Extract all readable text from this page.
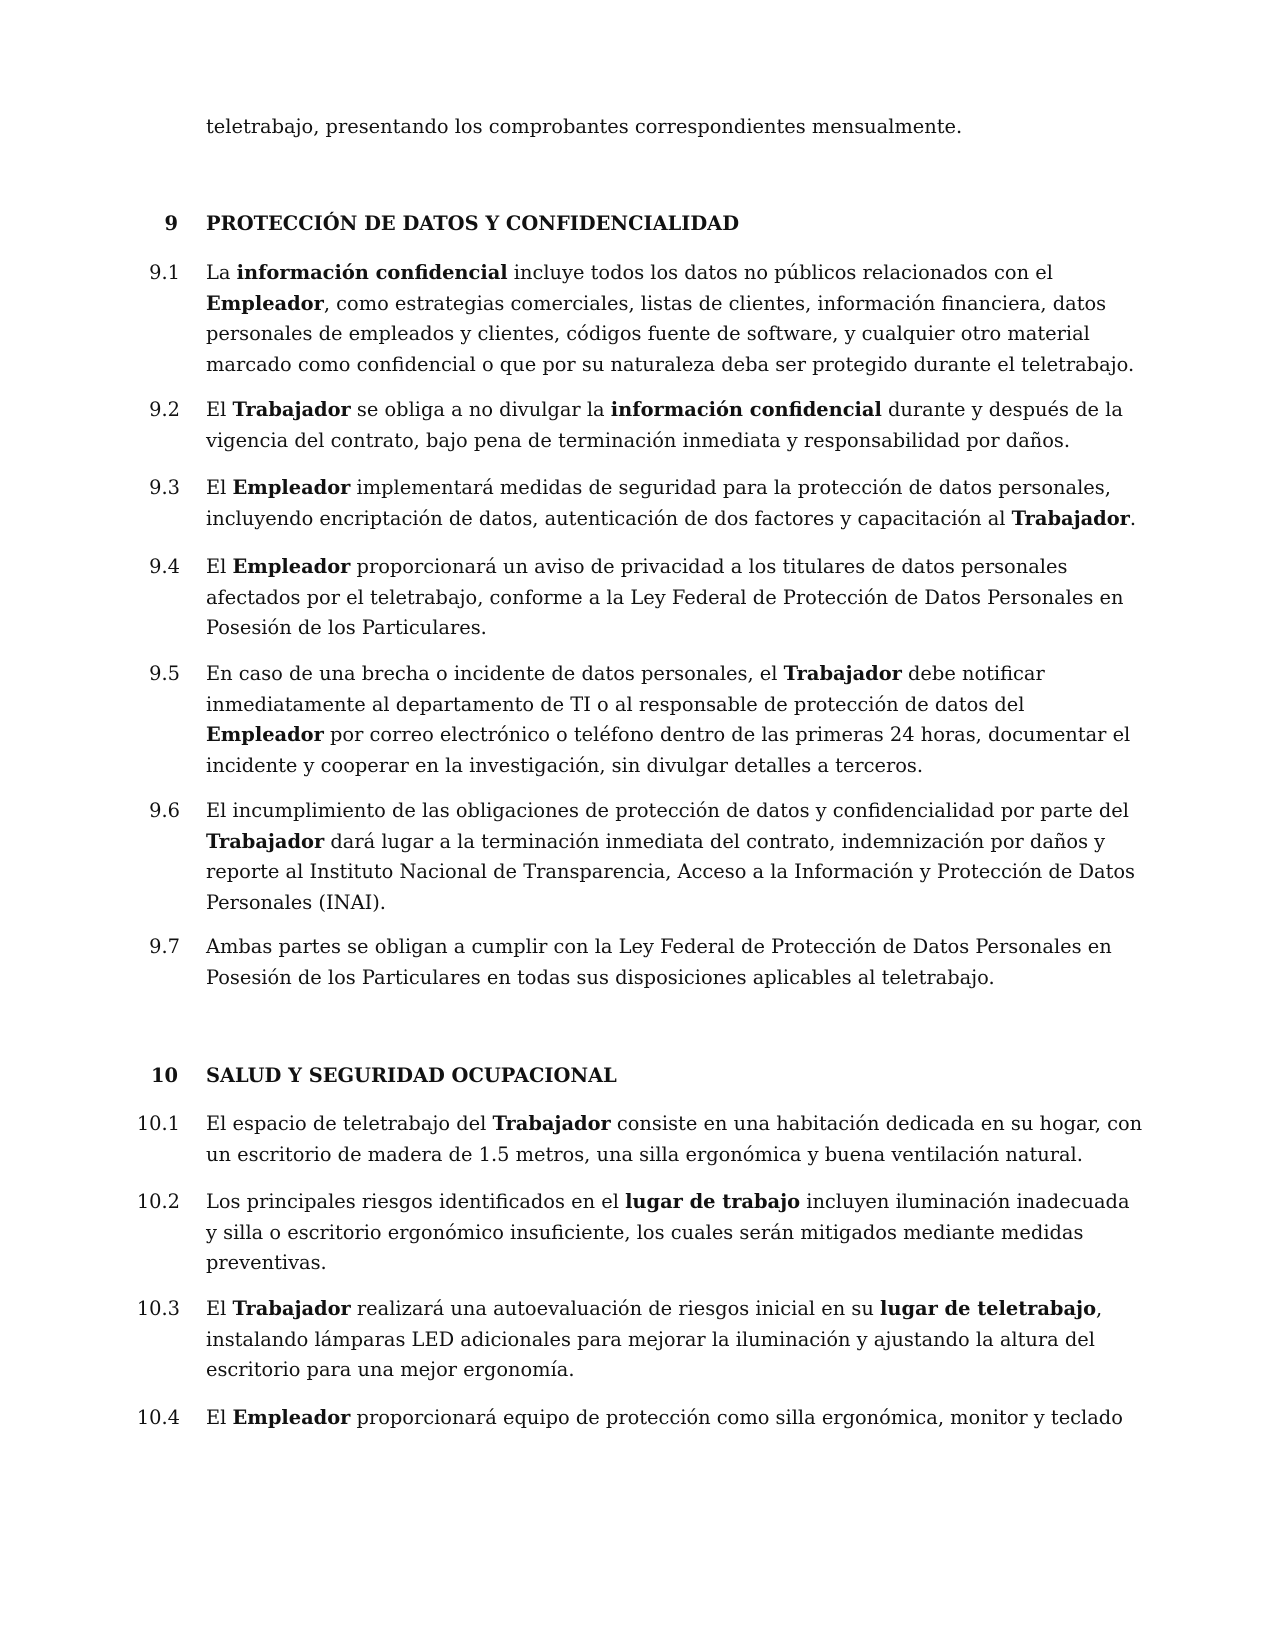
teletrabajo, presentando los comprobantes correspondientes mensualmente.

9 PROTECCIÓN DE DATOS Y CONFIDENCIALIDAD
9.1 La información confidencial incluye todos los datos no públicos relacionados con el
Empleador, como estrategias comerciales, listas de clientes, información financiera, datos
personales de empleados y clientes, códigos fuente de software, y cualquier otro material
marcado como confidencial o que por su naturaleza deba ser protegido durante el teletrabajo.
9.2 El Trabajador se obliga a no divulgar la información confidencial durante y después de la
vigencia del contrato, bajo pena de terminación inmediata y responsabilidad por daños.
9.3 El Empleador implementará medidas de seguridad para la protección de datos personales,
incluyendo encriptación de datos, autenticación de dos factores y capacitación al Trabajador.
9.4 El Empleador proporcionará un aviso de privacidad a los titulares de datos personales
afectados por el teletrabajo, conforme a la Ley Federal de Protección de Datos Personales en
Posesión de los Particulares.
9.5 En caso de una brecha o incidente de datos personales, el Trabajador debe notificar
inmediatamente al departamento de TI o al responsable de protección de datos del
Empleador por correo electrónico o teléfono dentro de las primeras 24 horas, documentar el
incidente y cooperar en la investigación, sin divulgar detalles a terceros.
9.6 El incumplimiento de las obligaciones de protección de datos y confidencialidad por parte del
Trabajador dará lugar a la terminación inmediata del contrato, indemnización por daños y
reporte al Instituto Nacional de Transparencia, Acceso a la Información y Protección de Datos
Personales (INAI).
9.7 Ambas partes se obligan a cumplir con la Ley Federal de Protección de Datos Personales en
Posesión de los Particulares en todas sus disposiciones aplicables al teletrabajo.
10 SALUD Y SEGURIDAD OCUPACIONAL
10.1 El espacio de teletrabajo del Trabajador consiste en una habitación dedicada en su hogar, con
un escritorio de madera de 1.5 metros, una silla ergonómica y buena ventilación natural.
10.2 Los principales riesgos identificados en el lugar de trabajo incluyen iluminación inadecuada
y silla o escritorio ergonómico insuficiente, los cuales serán mitigados mediante medidas
preventivas.
10.3 El Trabajador realizará una autoevaluación de riesgos inicial en su lugar de teletrabajo,
instalando lámparas LED adicionales para mejorar la iluminación y ajustando la altura del
escritorio para una mejor ergonomía.
10.4 El Empleador proporcionará equipo de protección como silla ergonómica, monitor y teclado
